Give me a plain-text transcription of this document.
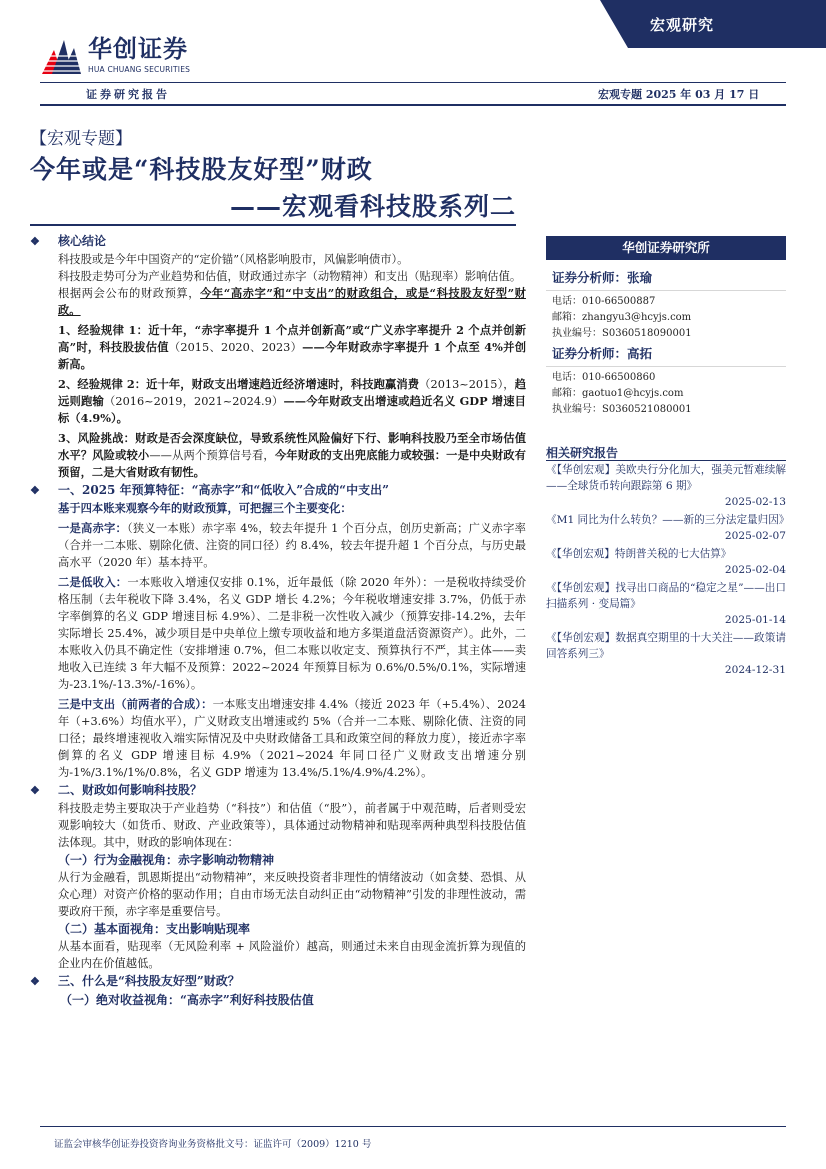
宏观研究
华创证券
HUA CHUANG SECURITIES
证券研究报告	宏观专题 2025 年 03 月 17 日
【宏观专题】
今年或是“科技股友好型”财政
——宏观看科技股系列二
❖	核心结论

科技股或是今年中国资产的“定价锚”（风格影响股市，风偏影响债市）。

科技股走势可分为产业趋势和估值，财政通过赤字（动物精神）和支出（贴现率）影响估值。

根据两会公布的财政预算，今年“高赤字”和“中支出”的财政组合，或是“科技股友好型”财政。

1、经验规律 1：近十年，“赤字率提升 1 个点并创新高”或“广义赤字率提升 2 个点并创新高”时，科技股拔估值（2015、2020、2023）——今年财政赤字率提升 1 个点至 4%并创新高。

2、经验规律 2：近十年，财政支出增速趋近经济增速时，科技跑赢消费（2013~2015），趋远则跑输（2016~2019，2021~2024.9）——今年财政支出增速或趋近名义 GDP 增速目标（4.9%）。

3、风险挑战：财政是否会深度缺位，导致系统性风险偏好下行、影响科技股乃至全市场估值水平？风险或较小——从两个预算信号看，今年财政的支出兜底能力或较强：一是中央财政有预留，二是大省财政有韧性。

❖	一、2025 年预算特征：“高赤字”和“低收入”合成的“中支出”

基于四本账来观察今年的财政预算，可把握三个主要变化：

一是高赤字：（狭义一本账）赤字率 4%，较去年提升 1 个百分点，创历史新高；广义赤字率（合并一二本账、剔除化债、注资的同口径）约 8.4%，较去年提升超 1 个百分点，与历史最高水平（2020 年）基本持平。

二是低收入：一本账收入增速仅安排 0.1%，近年最低（除 2020 年外）：一是税收持续受价格压制（去年税收下降 3.4%，名义 GDP 增长 4.2%；今年税收增速安排 3.7%，仍低于赤字率倒算的名义 GDP 增速目标 4.9%）、二是非税一次性收入减少（预算安排-14.2%，去年实际增长 25.4%，减少项目是中央单位上缴专项收益和地方多渠道盘活资源资产）。此外，二本账收入仍具不确定性（安排增速 0.7%，但二本账以收定支、预算执行不严，其主体——卖地收入已连续 3 年大幅不及预算：2022~2024 年预算目标为 0.6%/0.5%/0.1%，实际增速为-23.1%/-13.3%/-16%）。

三是中支出（前两者的合成）：一本账支出增速安排 4.4%（接近 2023 年（+5.4%）、2024 年（+3.6%）均值水平），广义财政支出增速或约 5%（合并一二本账、剔除化债、注资的同口径；最终增速视收入端实际情况及中央财政储备工具和政策空间的释放力度），接近赤字率倒算的名义 GDP 增速目标 4.9%（2021~2024 年同口径广义财政支出增速分别为-1%/3.1%/1%/0.8%，名义 GDP 增速为 13.4%/5.1%/4.9%/4.2%）。

❖	二、财政如何影响科技股？

科技股走势主要取决于产业趋势（“科技”）和估值（“股”），前者属于中观范畴，后者则受宏观影响较大（如货币、财政、产业政策等），具体通过动物精神和贴现率两种典型科技股估值法体现。其中，财政的影响体现在：

（一）行为金融视角：赤字影响动物精神

从行为金融看，凯恩斯提出“动物精神”，来反映投资者非理性的情绪波动（如贪婪、恐惧、从众心理）对资产价格的驱动作用；自由市场无法自动纠正由“动物精神”引发的非理性波动，需要政府干预，赤字率是重要信号。

（二）基本面视角：支出影响贴现率

从基本面看，贴现率（无风险利率 + 风险溢价）越高，则通过未来自由现金流折算为现值的企业内在价值越低。

❖	三、什么是“科技股友好型”财政？
（一）绝对收益视角：“高赤字”利好科技股估值
华创证券研究所
证券分析师：张瑜
电话：010-66500887
邮箱：zhangyu3@hcyjs.com
执业编号：S0360518090001
证券分析师：高拓
电话：010-66500860
邮箱：gaotuo1@hcyjs.com
执业编号：S0360521080001
相关研究报告
《【华创宏观】美欧央行分化加大，强美元暂难续解——全球货币转向跟踪第 6 期》
2025-02-13
《M1 同比为什么转负？——新的三分法定量归因》
2025-02-07
《【华创宏观】特朗普关税的七大估算》
2025-02-04
《【华创宏观】找寻出口商品的“稳定之星”——出口扫描系列 · 变局篇》
2025-01-14
《【华创宏观】数据真空期里的十大关注——政策请回答系列三》
2024-12-31
证监会审核华创证券投资咨询业务资格批文号：证监许可（2009）1210 号
